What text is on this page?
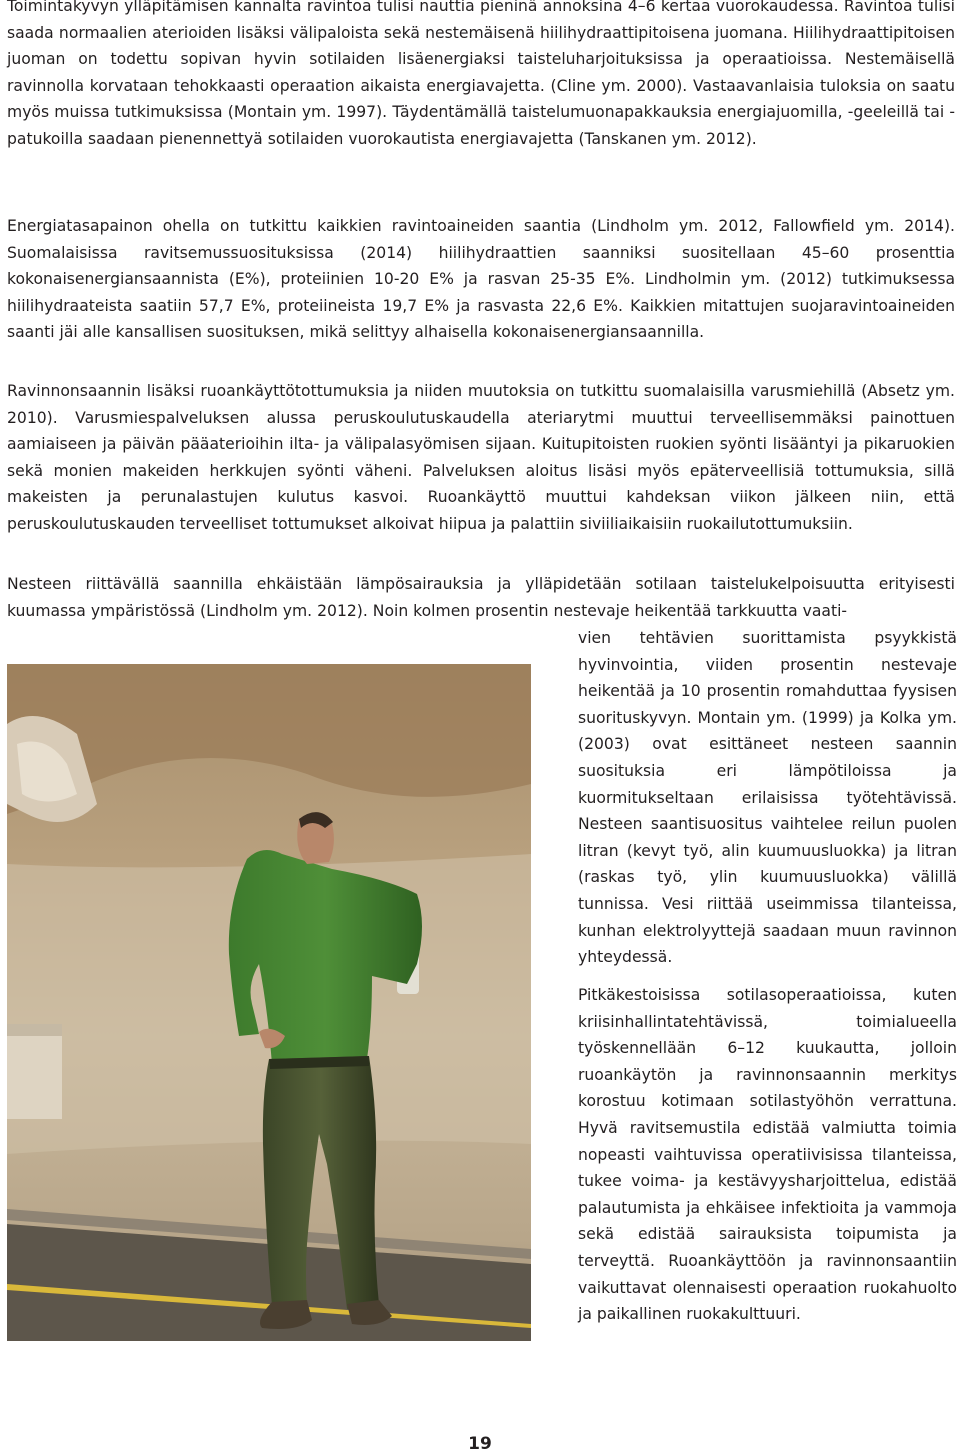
Toimintakyvyn ylläpitämisen kannalta ravintoa tulisi nauttia pieninä annoksina 4–6 kertaa vuorokaudessa. Ravintoa tulisi saada normaalien aterioiden lisäksi välipaloista sekä nestemäisenä hiilihydraattipitoisena juomana. Hiilihydraattipitoisen juoman on todettu sopivan hyvin sotilaiden lisäenergiaksi taisteluharjoituksissa ja operaatioissa. Nestemäisellä ravinnolla korvataan tehokkaasti operaation aikaista energiavajetta. (Cline ym. 2000). Vastaavanlaisia tuloksia on saatu myös muissa tutkimuksissa (Montain ym. 1997). Täydentämällä taistelumuonapakkauksia energiajuomilla, -geeleillä tai -patukoilla saadaan pienennettyä sotilaiden vuorokautista energiavajetta (Tanskanen ym. 2012).

Energiatasapainon ohella on tutkittu kaikkien ravintoaineiden saantia (Lindholm ym. 2012, Fallowfield ym. 2014). Suomalaisissa ravitsemussuosituksissa (2014) hiilihydraattien saanniksi suositellaan 45–60 prosenttia kokonaisenergiansaannista (E%), proteiinien 10-20 E% ja rasvan 25-35 E%. Lindholmin ym. (2012) tutkimuksessa hiilihydraateista saatiin 57,7 E%, proteiineista 19,7 E% ja rasvasta 22,6 E%. Kaikkien mitattujen suojaravintoaineiden saanti jäi alle kansallisen suosituksen, mikä selittyy alhaisella kokonaisenergiansaannilla.

Ravinnonsaannin lisäksi ruoankäyttötottumuksia ja niiden muutoksia on tutkittu suomalaisilla varusmiehillä (Absetz ym. 2010). Varusmiespalveluksen alussa peruskoulutuskaudella ateriarytmi muuttui terveellisemmäksi painottuen aamiaiseen ja päivän pääaterioihin ilta- ja välipalasyömisen sijaan. Kuitupitoisten ruokien syönti lisääntyi ja pikaruokien sekä monien makeiden herkkujen syönti väheni. Palveluksen aloitus lisäsi myös epäterveellisiä tottumuksia, sillä makeisten ja perunalastujen kulutus kasvoi. Ruoankäyttö muuttui kahdeksan viikon jälkeen niin, että peruskoulutuskauden terveelliset tottumukset alkoivat hiipua ja palattiin siviiliaikaisiin ruokailutottumuksiin.

Nesteen riittävällä saannilla ehkäistään lämpösairauksia ja ylläpidetään sotilaan taistelukelpoisuutta erityisesti kuumassa ympäristössä (Lindholm ym. 2012). Noin kolmen prosentin nestevaje heikentää tarkkuutta vaati-

vien tehtävien suorittamista psyykkistä hyvinvointia, viiden prosentin nestevaje heikentää ja 10 prosentin romahduttaa fyysisen suorituskyvyn. Montain ym. (1999) ja Kolka ym. (2003) ovat esittäneet nesteen saannin suosituksia eri lämpötiloissa ja kuormitukseltaan erilaisissa työtehtävissä. Nesteen saantisuositus vaihtelee reilun puolen litran (kevyt työ, alin kuumuusluokka) ja litran (raskas työ, ylin kuumuusluokka) välillä tunnissa. Vesi riittää useimmissa tilanteissa, kunhan elektrolyyttejä saadaan muun ravinnon yhteydessä.

Pitkäkestoisissa sotilasoperaatioissa, kuten kriisinhallintatehtävissä, toimialueella työskennellään 6–12 kuukautta, jolloin ruoankäytön ja ravinnonsaannin merkitys korostuu kotimaan sotilastyöhön verrattuna. Hyvä ravitsemustila edistää valmiutta toimia nopeasti vaihtuvissa operatiivisissa tilanteissa, tukee voima- ja kestävyysharjoittelua, edistää palautumista ja ehkäisee infektioita ja vammoja sekä edistää sairauksista toipumista ja terveyttä. Ruoankäyttöön ja ravinnonsaantiin vaikuttavat olennaisesti operaation ruokahuolto ja paikallinen ruokakulttuuri.

19
